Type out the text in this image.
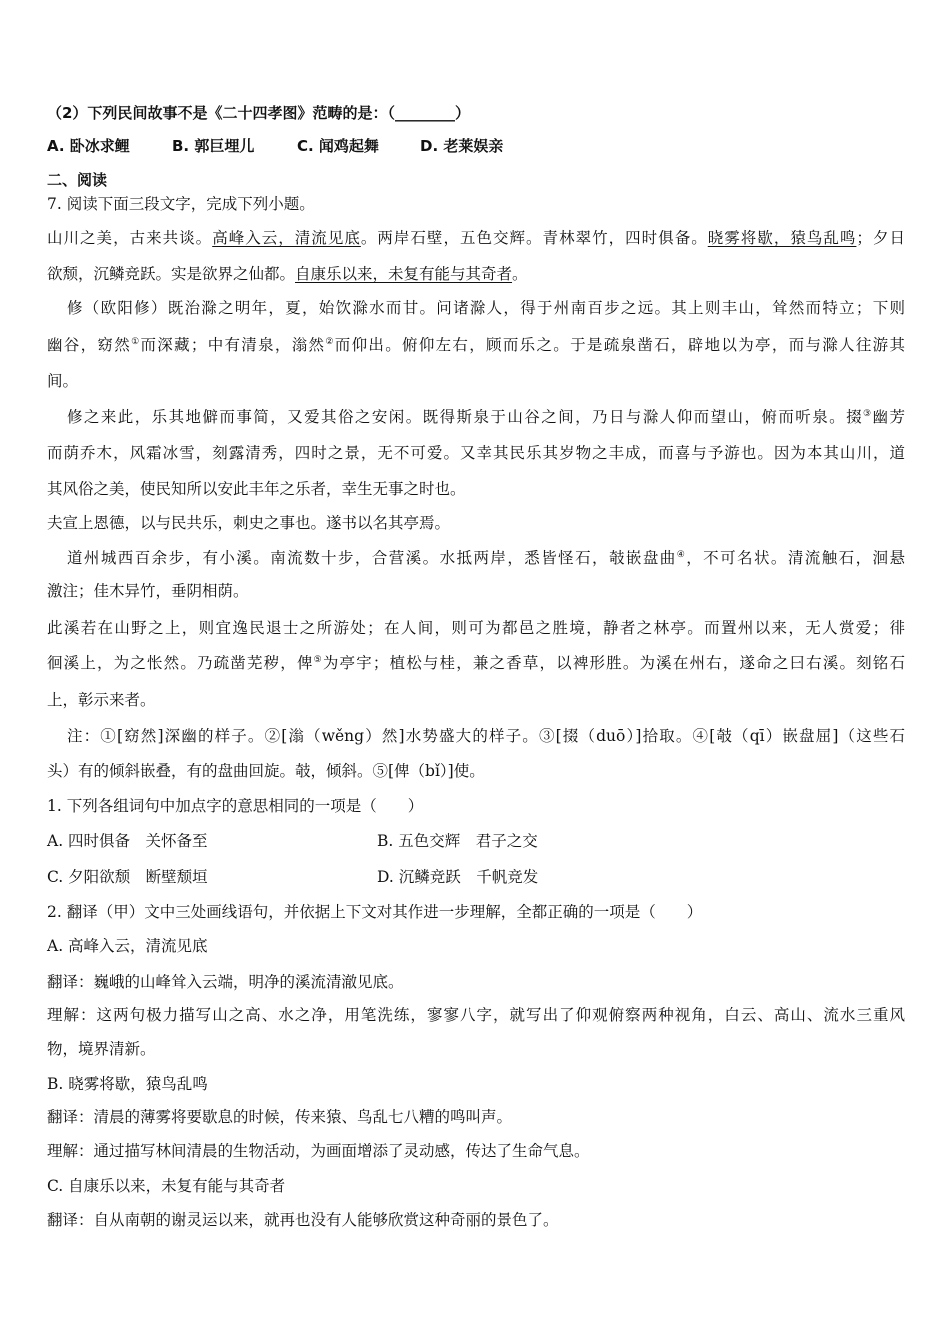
（2）下列民间故事不是《二十四孝图》范畴的是：（________）
A. 卧冰求鲤	B. 郭巨埋儿	C. 闻鸡起舞	D. 老莱娱亲
二、阅读
7. 阅读下面三段文字，完成下列小题。
山川之美，古来共谈。高峰入云，清流见底。两岸石壁，五色交辉。青林翠竹，四时俱备。晓雾将歇，猿鸟乱鸣；夕日
欲颓，沉鳞竞跃。实是欲界之仙都。自康乐以来，未复有能与其奇者。
修（欧阳修）既治滁之明年，夏，始饮滁水而甘。问诸滁人，得于州南百步之远。其上则丰山，耸然而特立；下则
幽谷，窈然①而深藏；中有清泉，滃然②而仰出。俯仰左右，顾而乐之。于是疏泉凿石，辟地以为亭，而与滁人往游其
间。
修之来此，乐其地僻而事简，又爱其俗之安闲。既得斯泉于山谷之间，乃日与滁人仰而望山，俯而听泉。掇③幽芳
而荫乔木，风霜冰雪，刻露清秀，四时之景，无不可爱。又幸其民乐其岁物之丰成，而喜与予游也。因为本其山川，道
其风俗之美，使民知所以安此丰年之乐者，幸生无事之时也。
夫宣上恩德，以与民共乐，刺史之事也。遂书以名其亭焉。
道州城西百余步，有小溪。南流数十步，合营溪。水抵两岸，悉皆怪石，攲嵌盘曲④，不可名状。清流触石，洄悬
激注；佳木异竹，垂阴相荫。
此溪若在山野之上，则宜逸民退士之所游处；在人间，则可为都邑之胜境，静者之林亭。而置州以来，无人赏爱；徘
徊溪上，为之怅然。乃疏凿芜秽，俾⑤为亭宇；植松与桂，兼之香草，以裨形胜。为溪在州右，遂命之曰右溪。刻铭石
上，彰示来者。
注：①[窈然]深幽的样子。②[滃（wěng）然]水势盛大的样子。③[掇（duō）]拾取。④[攲（qī）嵌盘屈]（这些石
头）有的倾斜嵌叠，有的盘曲回旋。攲，倾斜。⑤[俾（bǐ）]使。
1. 下列各组词句中加点字的意思相同的一项是（　　）
A. 四时俱备　关怀备至	B. 五色交辉　君子之交
C. 夕阳欲颓　断壁颓垣	D. 沉鳞竞跃　千帆竞发
2. 翻译（甲）文中三处画线语句，并依据上下文对其作进一步理解，全都正确的一项是（　　）
A. 高峰入云，清流见底
翻译：巍峨的山峰耸入云端，明净的溪流清澈见底。
理解：这两句极力描写山之高、水之净，用笔洗练，寥寥八字，就写出了仰观俯察两种视角，白云、高山、流水三重风
物，境界清新。
B. 晓雾将歇，猿鸟乱鸣
翻译：清晨的薄雾将要歇息的时候，传来猿、鸟乱七八糟的鸣叫声。
理解：通过描写林间清晨的生物活动，为画面增添了灵动感，传达了生命气息。
C. 自康乐以来，未复有能与其奇者
翻译：自从南朝的谢灵运以来，就再也没有人能够欣赏这种奇丽的景色了。
